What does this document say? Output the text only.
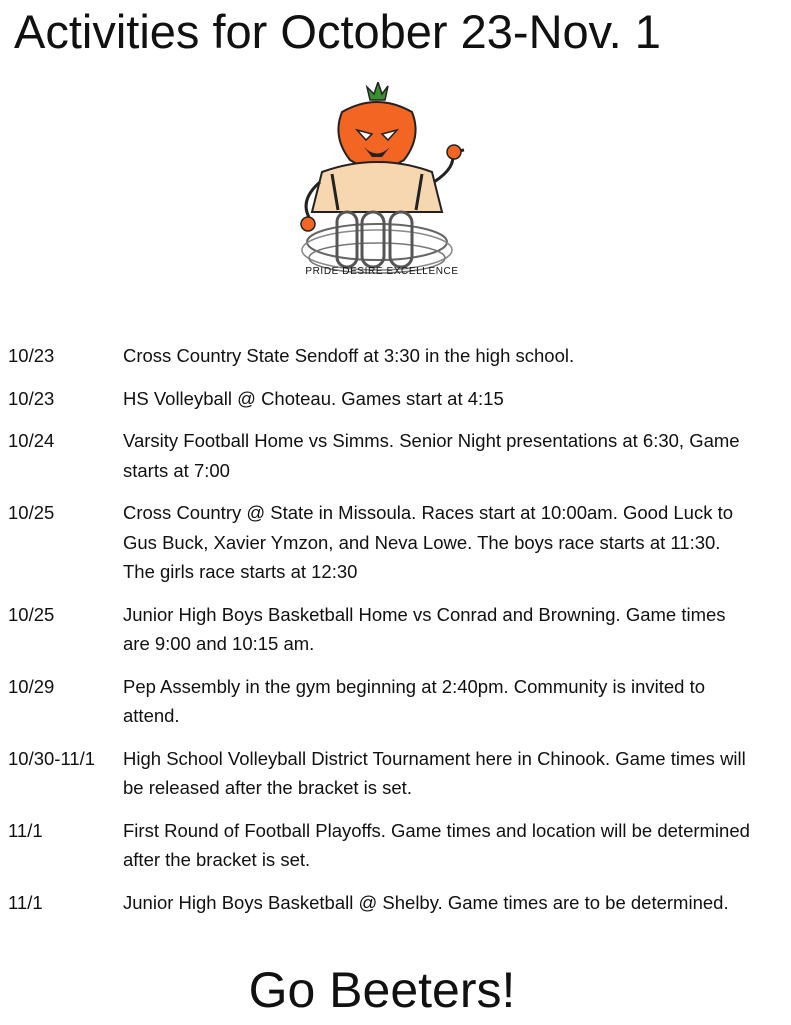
Activities for October 23-Nov. 1
PRIDE DESIRE EXCELLENCE
10/23	Cross Country State Sendoff at 3:30 in the high school.
10/23	HS Volleyball @ Choteau. Games start at 4:15
10/24	Varsity Football Home vs Simms. Senior Night presentations at 6:30, Game starts at 7:00
10/25	Cross Country @ State in Missoula. Races start at 10:00am. Good Luck to Gus Buck, Xavier Ymzon, and Neva Lowe. The boys race starts at 11:30. The girls race starts at 12:30
10/25	Junior High Boys Basketball Home vs Conrad and Browning. Game times are 9:00 and 10:15 am.
10/29	Pep Assembly in the gym beginning at 2:40pm. Community is invited to attend.
10/30-11/1	High School Volleyball District Tournament here in Chinook. Game times will be released after the bracket is set.
11/1	First Round of Football Playoffs. Game times and location will be determined after the bracket is set.
11/1	Junior High Boys Basketball @ Shelby. Game times are to be determined.
Go Beeters!
